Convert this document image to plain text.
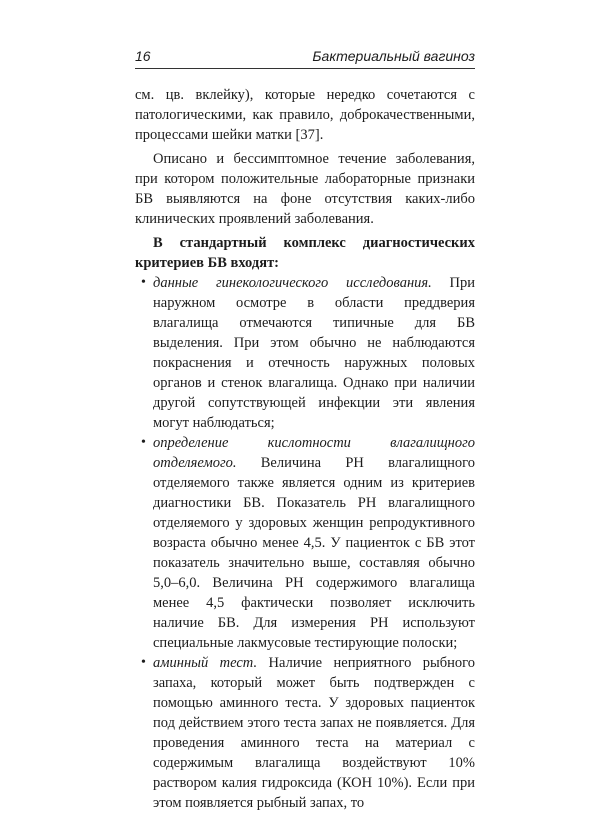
16	Бактериальный вагиноз

см. цв. вклейку), которые нередко сочетаются с патологическими, как правило, доброкачественными, процессами шейки матки [37].

Описано и бессимптомное течение заболевания, при котором положительные лабораторные признаки БВ выявляются на фоне отсутствия каких-либо клинических проявлений заболевания.

В стандартный комплекс диагностических критериев БВ входят:

• данные гинекологического исследования. При наружном осмотре в области преддверия влагалища отмечаются типичные для БВ выделения. При этом обычно не наблюдаются покраснения и отечность наружных половых органов и стенок влагалища. Однако при наличии другой сопутствующей инфекции эти явления могут наблюдаться;
• определение кислотности влагалищного отделяемого. Величина РН влагалищного отделяемого также является одним из критериев диагностики БВ. Показатель РН влагалищного отделяемого у здоровых женщин репродуктивного возраста обычно менее 4,5. У пациенток с БВ этот показатель значительно выше, составляя обычно 5,0–6,0. Величина РН содержимого влагалища менее 4,5 фактически позволяет исключить наличие БВ. Для измерения РН используют специальные лакмусовые тестирующие полоски;
• аминный тест. Наличие неприятного рыбного запаха, который может быть подтвержден с помощью аминного теста. У здоровых пациенток под действием этого теста запах не появляется. Для проведения аминного теста на материал с содержимым влагалища воздействуют 10% раствором калия гидроксида (КОН 10%). Если при этом появляется рыбный запах, то
